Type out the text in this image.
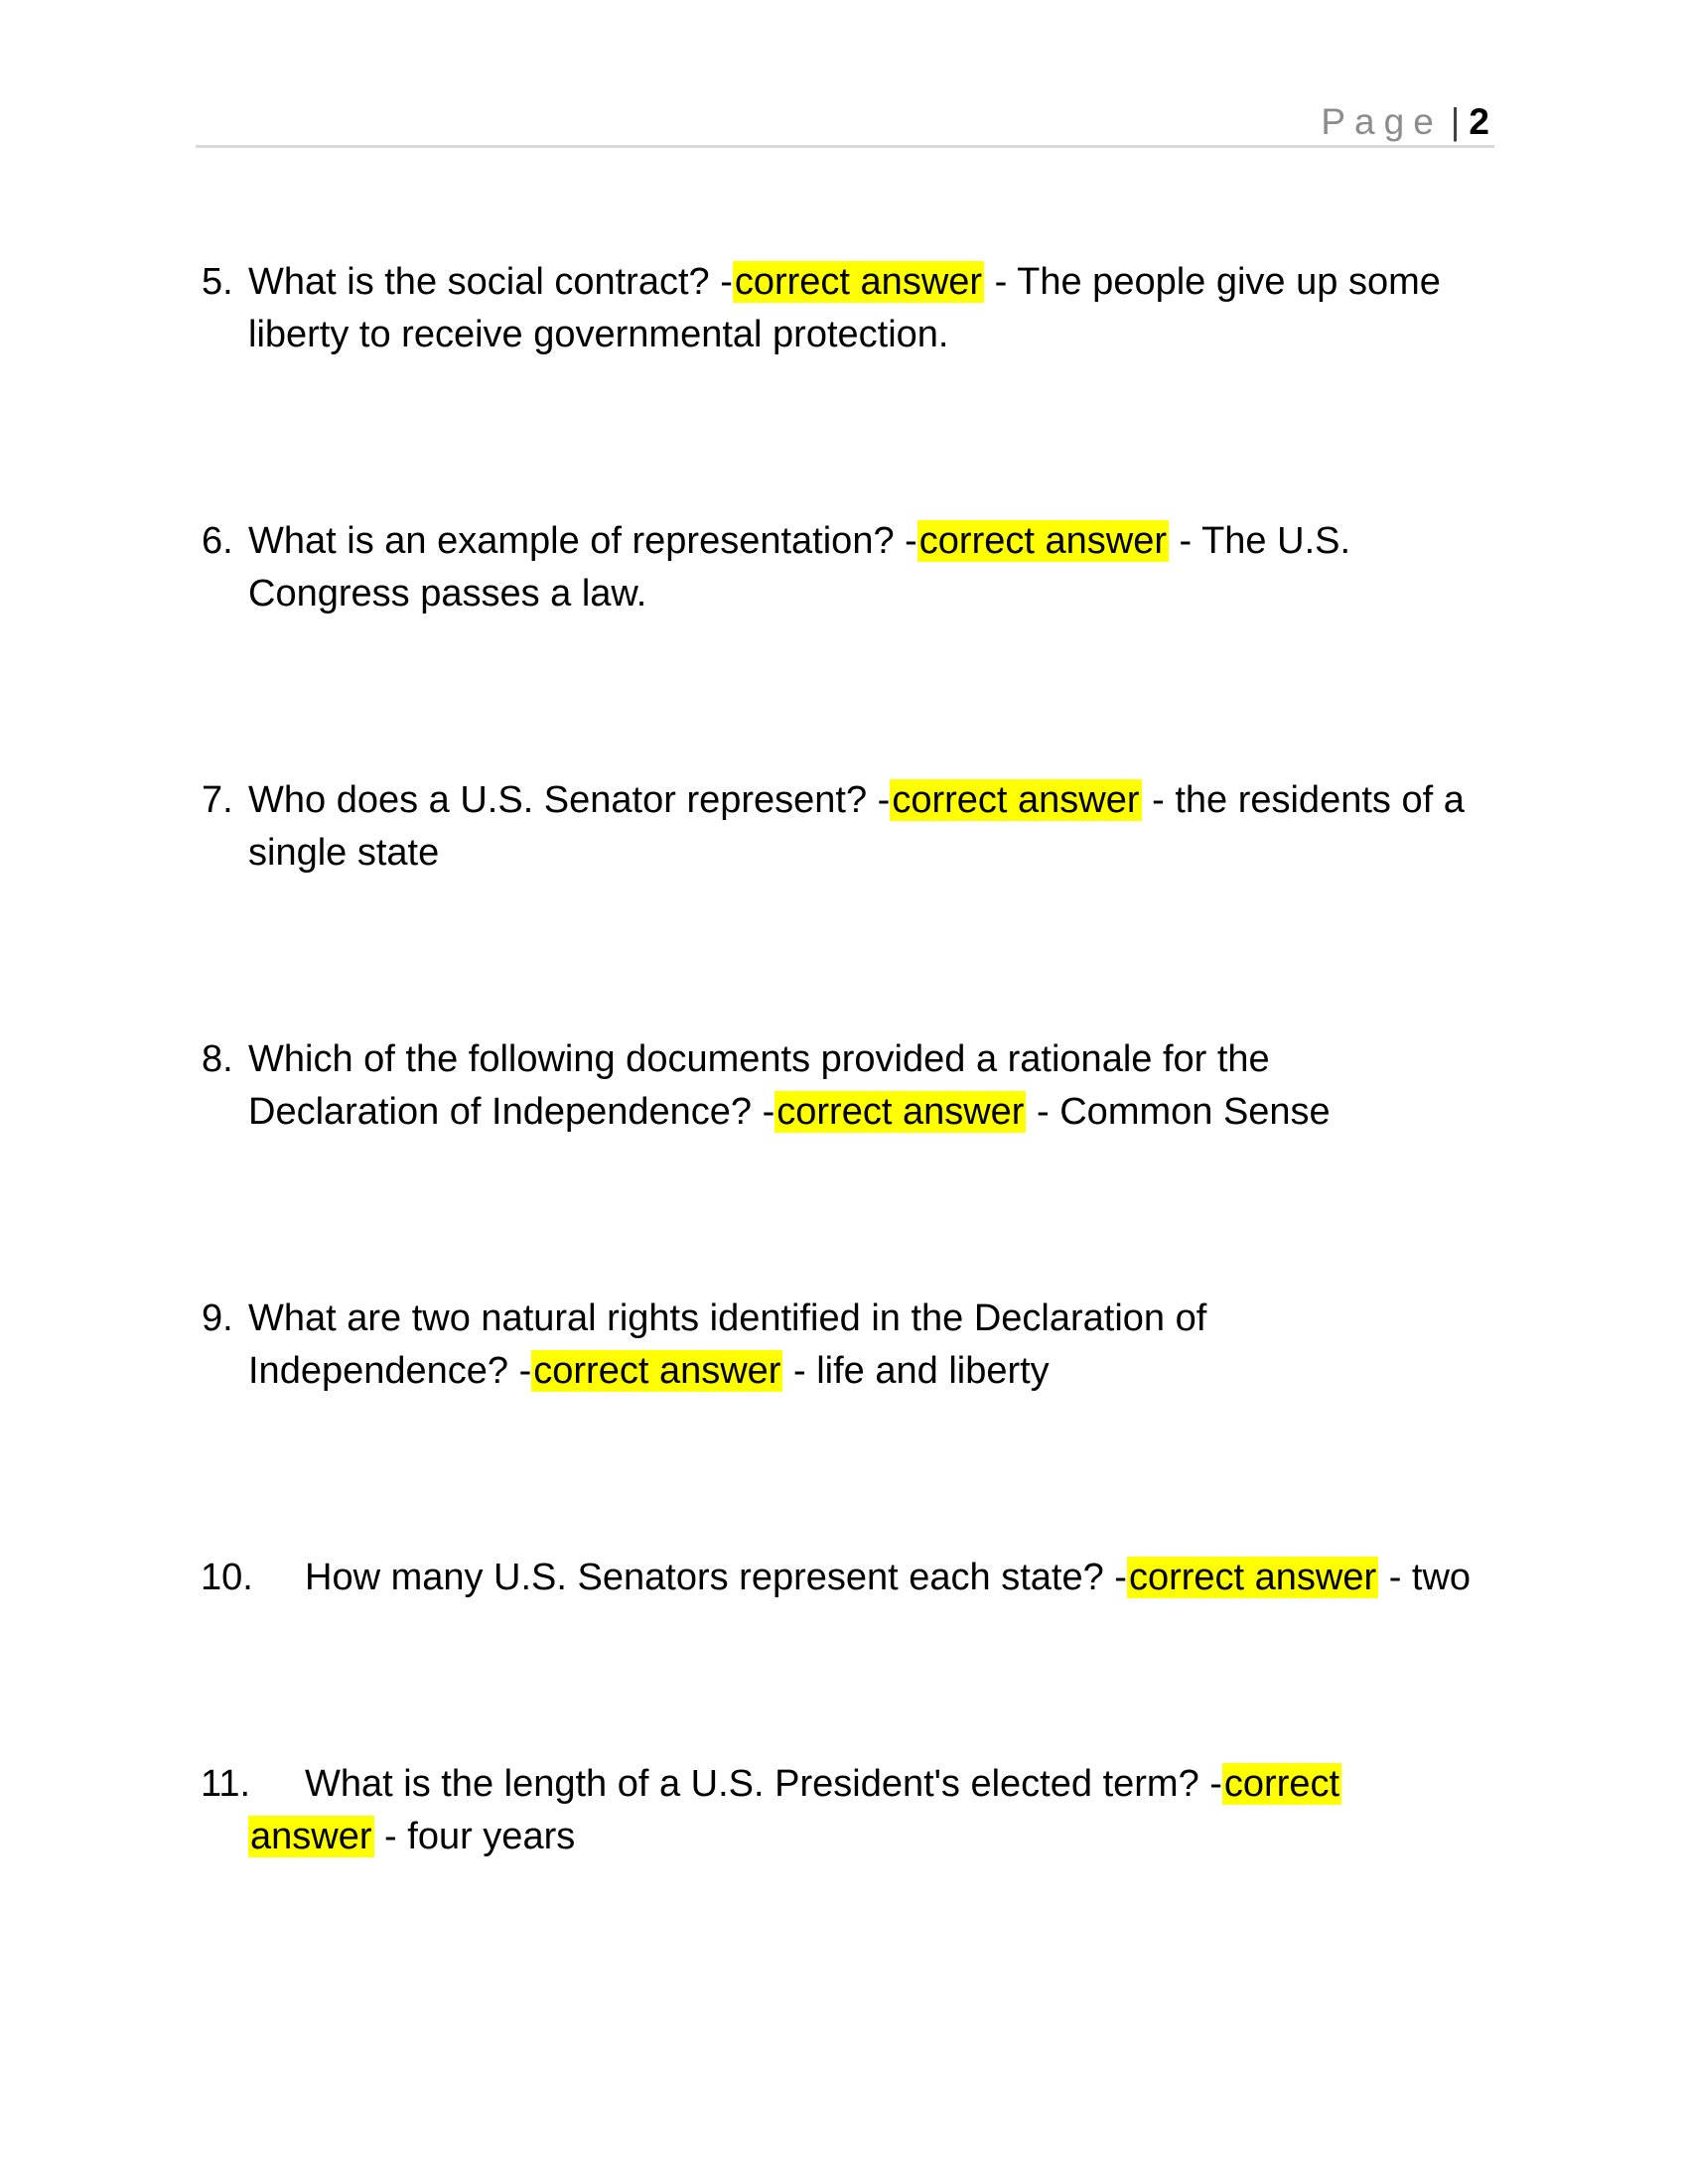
Page | 2
5. What is the social contract? -correct answer - The people give up some
liberty to receive governmental protection.
6. What is an example of representation? -correct answer - The U.S.
Congress passes a law.
7. Who does a U.S. Senator represent? -correct answer - the residents of a
single state
8. Which of the following documents provided a rationale for the
Declaration of Independence? -correct answer - Common Sense
9. What are two natural rights identified in the Declaration of
Independence? -correct answer - life and liberty
10. How many U.S. Senators represent each state? -correct answer - two
11. What is the length of a U.S. President's elected term? -correct
answer - four years
